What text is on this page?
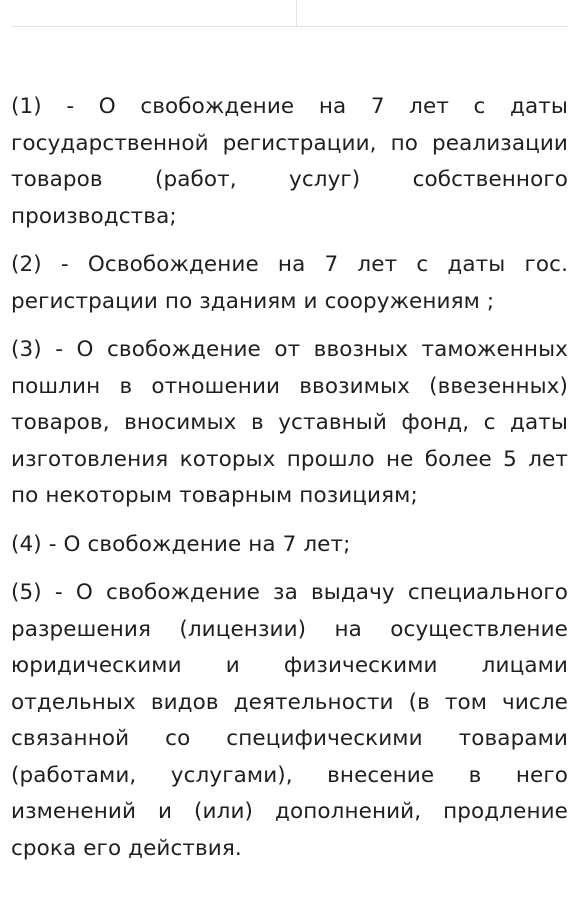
(1) - О свобождение на 7 лет с даты государственной регистрации, по реализации товаров (работ, услуг) собственного производства;

(2) - Освобождение на 7 лет с даты гос. регистрации по зданиям и сооружениям ;

(3) - О свобождение от ввозных таможенных пошлин в отношении ввозимых (ввезенных) товаров, вносимых в уставный фонд, с даты изготовления которых прошло не более 5 лет по некоторым товарным позициям;

(4) - О свобождение на 7 лет;

(5) - О свобождение за выдачу специального разрешения (лицензии) на осуществление юридическими и физическими лицами отдельных видов деятельности (в том числе связанной со специфическими товарами (работами, услугами), внесение в него изменений и (или) дополнений, продление срока его действия.
